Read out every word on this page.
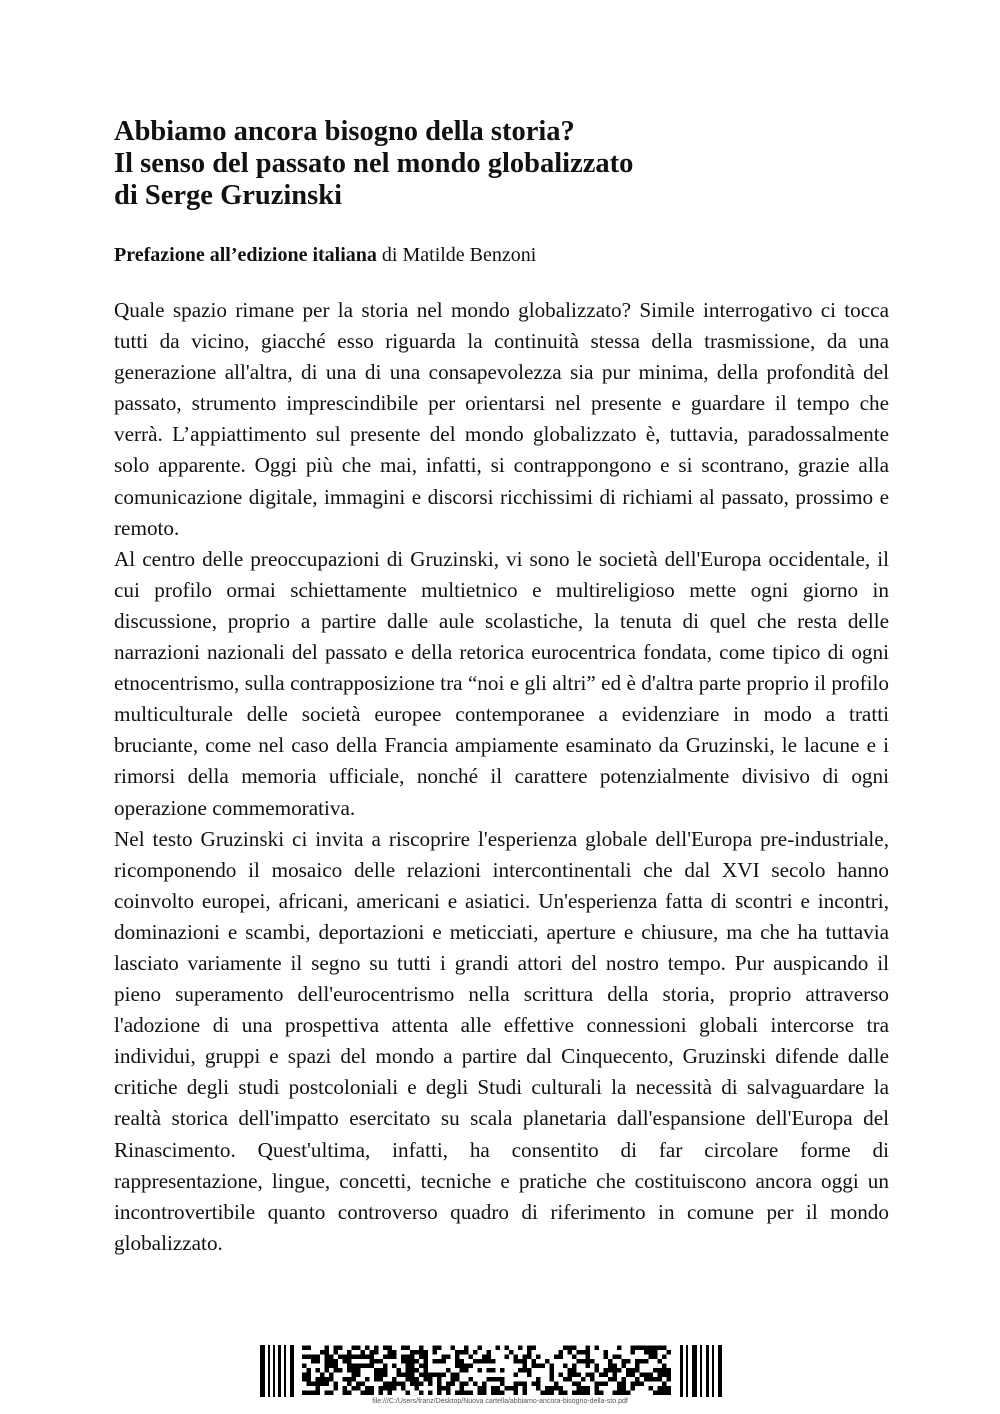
Abbiamo ancora bisogno della storia?
Il senso del passato nel mondo globalizzato
di Serge Gruzinski
Prefazione all’edizione italiana di Matilde Benzoni

Quale spazio rimane per la storia nel mondo globalizzato? Simile interrogativo ci tocca tutti da vicino, giacché esso riguarda la continuità stessa della trasmissione, da una generazione all'altra, di una di una consapevolezza sia pur minima, della profondità del passato, strumento imprescindibile per orientarsi nel presente e guardare il tempo che verrà. L’appiattimento sul presente del mondo globalizzato è, tuttavia, paradossalmente solo apparente. Oggi più che mai, infatti, si contrappongono e si scontrano, grazie alla comunicazione digitale, immagini e discorsi ricchissimi di richiami al passato, prossimo e remoto.

Al centro delle preoccupazioni di Gruzinski, vi sono le società dell'Europa occidentale, il cui profilo ormai schiettamente multietnico e multireligioso mette ogni giorno in discussione, proprio a partire dalle aule scolastiche, la tenuta di quel che resta delle narrazioni nazionali del passato e della retorica eurocentrica fondata, come tipico di ogni etnocentrismo, sulla contrapposizione tra “noi e gli altri” ed è d'altra parte proprio il profilo multiculturale delle società europee contemporanee a evidenziare in modo a tratti bruciante, come nel caso della Francia ampiamente esaminato da Gruzinski, le lacune e i rimorsi della memoria ufficiale, nonché il carattere potenzialmente divisivo di ogni operazione commemorativa.

Nel testo Gruzinski ci invita a riscoprire l'esperienza globale dell'Europa pre-industriale, ricomponendo il mosaico delle relazioni intercontinentali che dal XVI secolo hanno coinvolto europei, africani, americani e asiatici. Un'esperienza fatta di scontri e incontri, dominazioni e scambi, deportazioni e meticciati, aperture e chiusure, ma che ha tuttavia lasciato variamente il segno su tutti i grandi attori del nostro tempo. Pur auspicando il pieno superamento dell'eurocentrismo nella scrittura della storia, proprio attraverso l'adozione di una prospettiva attenta alle effettive connessioni globali intercorse tra individui, gruppi e spazi del mondo a partire dal Cinquecento, Gruzinski difende dalle critiche degli studi postcoloniali e degli Studi culturali la necessità di salvaguardare la realtà storica dell'impatto esercitato su scala planetaria dall'espansione dell'Europa del Rinascimento. Quest'ultima, infatti, ha consentito di far circolare forme di rappresentazione, lingue, concetti, tecniche e pratiche che costituiscono ancora oggi un incontrovertibile quanto controverso quadro di riferimento in comune per il mondo globalizzato.

file:///C:/Users/franz/Desktop/Nuova cartella/abbiamo-ancora-bisogno-della-sto.pdf
